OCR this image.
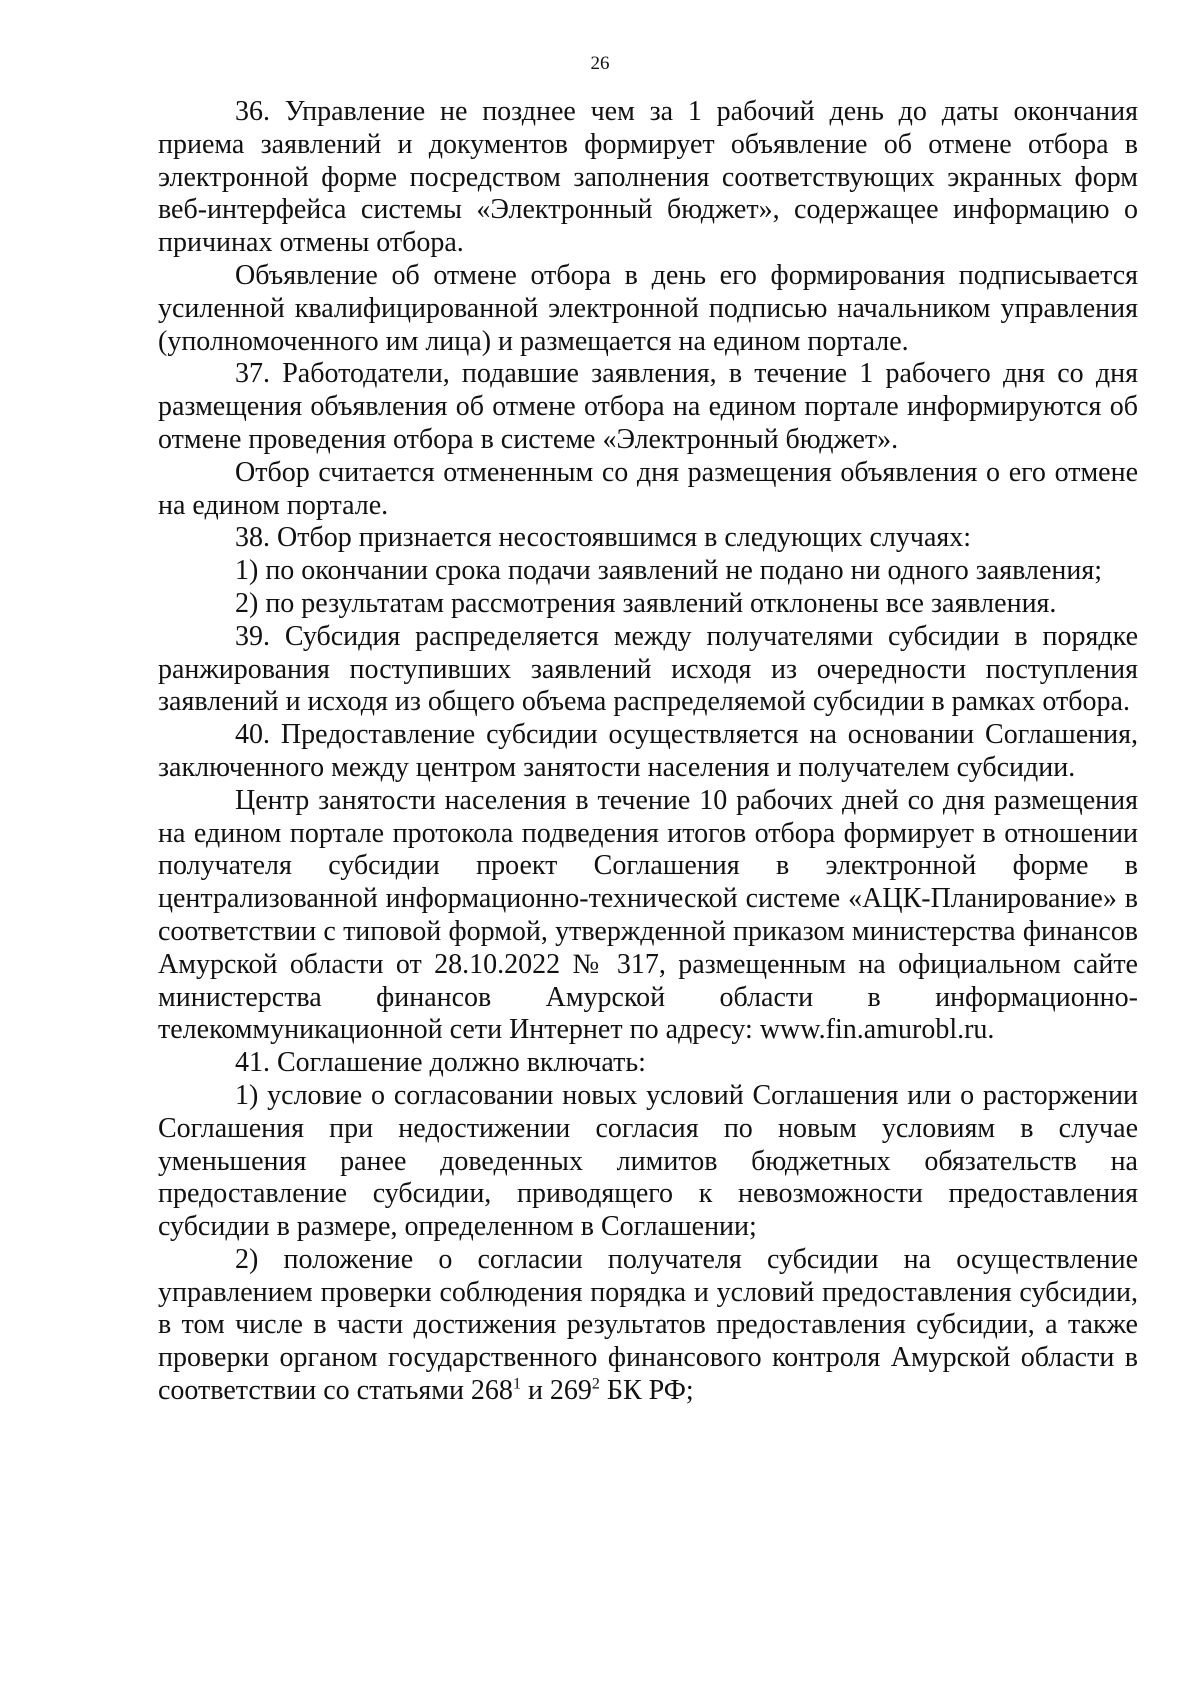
26

36. Управление не позднее чем за 1 рабочий день до даты окончания приема заявлений и документов формирует объявление об отмене отбора в электронной форме посредством заполнения соответствующих экранных форм веб-интерфейса системы «Электронный бюджет», содержащее информацию о причинах отмены отбора.

Объявление об отмене отбора в день его формирования подписывается усиленной квалифицированной электронной подписью начальником управления (уполномоченного им лица) и размещается на едином портале.

37. Работодатели, подавшие заявления, в течение 1 рабочего дня со дня размещения объявления об отмене отбора на едином портале информируются об отмене проведения отбора в системе «Электронный бюджет».

Отбор считается отмененным со дня размещения объявления о его отмене на едином портале.

38. Отбор признается несостоявшимся в следующих случаях:

1) по окончании срока подачи заявлений не подано ни одного заявления;

2) по результатам рассмотрения заявлений отклонены все заявления.

39. Субсидия распределяется между получателями субсидии в порядке ранжирования поступивших заявлений исходя из очередности поступления заявлений и исходя из общего объема распределяемой субсидии в рамках отбора.

40. Предоставление субсидии осуществляется на основании Соглашения, заключенного между центром занятости населения и получателем субсидии.

Центр занятости населения в течение 10 рабочих дней со дня размещения на едином портале протокола подведения итогов отбора формирует в отношении получателя субсидии проект Соглашения в электронной форме в централизованной информационно-технической системе «АЦК-Планирование» в соответствии с типовой формой, утвержденной приказом министерства финансов Амурской области от 28.10.2022 № 317, размещенным на официальном сайте министерства финансов Амурской области в информационно-телекоммуникационной сети Интернет по адресу: www.fin.amurobl.ru.

41. Соглашение должно включать:

1) условие о согласовании новых условий Соглашения или о расторжении Соглашения при недостижении согласия по новым условиям в случае уменьшения ранее доведенных лимитов бюджетных обязательств на предоставление субсидии, приводящего к невозможности предоставления субсидии в размере, определенном в Соглашении;

2) положение о согласии получателя субсидии на осуществление управлением проверки соблюдения порядка и условий предоставления субсидии, в том числе в части достижения результатов предоставления субсидии, а также проверки органом государственного финансового контроля Амурской области в соответствии со статьями $268^1$ и $269^2$ БК РФ;
